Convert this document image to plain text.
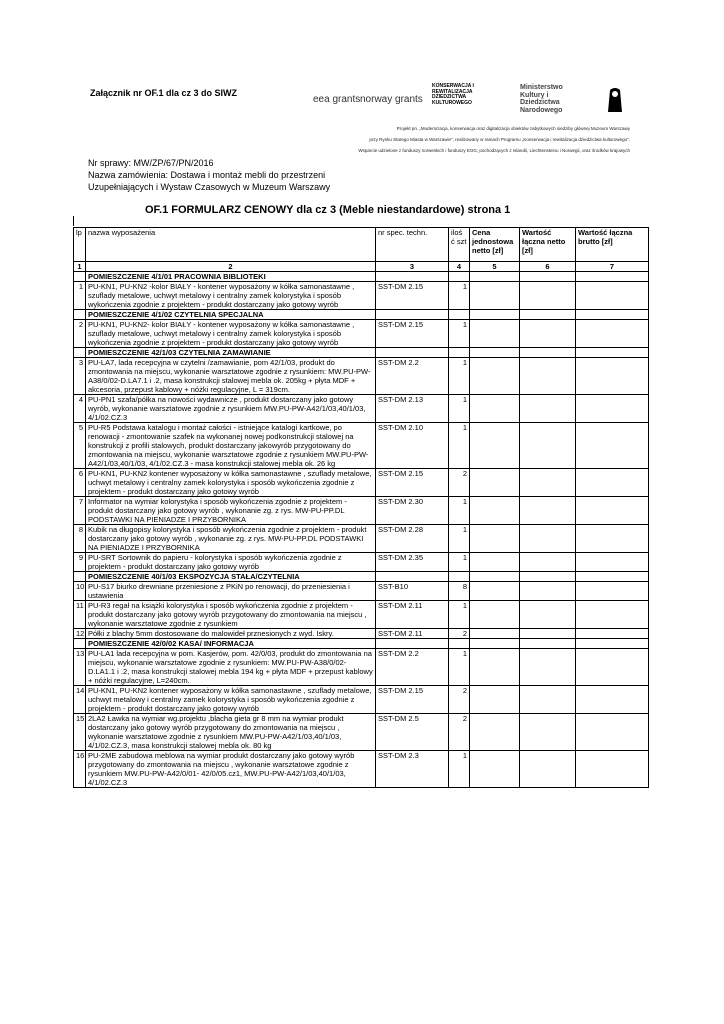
Załącznik nr OF.1 dla cz 3 do SIWZ
eea grants norway grants
KONSERWACJA I REWITALIZACJA DZIEDZICTWA KULTUROWEGO
Ministerstwo Kultury i Dziedzictwa Narodowego
Projekt pn. „Modernizacja, konserwacja oraz digitalizacja obiektów zabytkowych siedziby głównej Muzeum Warszawy
przy Rynku Starego Miasta w Warszawie", realizowany w ramach Programu „Konserwacja i rewitalizacja dziedzictwa kulturowego".
Wsparcie udzielone z funduszy norweskich i funduszy EOG, pochodzących z Islandii, Liechtensteinu i Norwegii, oraz środków krajowych
Nr sprawy: MW/ZP/67/PN/2016
Nazwa zamówienia: Dostawa i montaż mebli do przestrzeni
Uzupełniających i Wystaw Czasowych w Muzeum Warszawy
OF.1 FORMULARZ CENOWY dla cz 3 (Meble niestandardowe) strona 1
lp	nazwa wyposażenia	nr spec. techn.	iloś ć szt	Cena jednostowa netto [zł]	Wartość łączna netto [zł]	Wartość łączna brutto [zł]
1	2	3	4	5	6	7
	POMIESZCZENIE 4/1/01 PRACOWNIA BIBLIOTEKI					
1	PU-KN1, PU-KN2 -kolor BIAŁY - kontener wyposażony w kółka samonastawne , szuflady metalowe, uchwyt metalowy i centralny zamek kolorystyka i sposób wykończenia zgodnie z projektem - produkt dostarczany jako gotowy wyrób	SST-DM 2.15	1			
	POMIESZCZENIE 4/1/02 CZYTELNIA SPECJALNA					
2	PU-KN1, PU-KN2- kolor BIAŁY - kontener wyposażony w kółka samonastawne , szuflady metalowe, uchwyt metalowy i centralny zamek kolorystyka i sposób wykończenia zgodnie z projektem - produkt dostarczany jako gotowy wyrób	SST-DM 2.15	1			
	POMIESZCZENIE 42/1/03 CZYTELNIA ZAMAWIANIE					
3	PU-LA7, lada recepcyjna w czytelni /zamawianie, pom 42/1/03, produkt do zmontowania na miejscu, wykonanie warsztatowe zgodnie z rysunkiem: MW.PU-PW-A38/0/02-D.LA7.1 i .2, masa konstrukcji stalowej mebla ok. 205kg + płyta MDF + akcesoria, przepust kablowy + nóżki regulacyjne, L = 319cm.	SST-DM 2.2	1			
4	PU-PN1 szafa/półka na nowości wydawnicze , produkt dostarczany jako gotowy wyrób, wykonanie warsztatowe zgodnie z rysunkiem MW.PU-PW-A42/1/03,40/1/03, 4/1/02.CZ.3	SST-DM 2.13	1			
5	PU-R5 Podstawa katalogu i montaż całości - istniejące katalogi kartkowe, po renowacji - zmontowanie szafek na wykonanej nowej podkonstrukcji stalowej na konstrukcji z profili stalowych, produkt dostarczany jakowyrób przygotowany do zmontowania na miejscu, wykonanie warsztatowe zgodnie z rysunkiem MW.PU-PW-A42/1/03,40/1/03, 4/1/02.CZ.3 - masa konstrukcji stalowej mebla ok. 26 kg	SST-DM 2.10	1			
6	PU-KN1, PU-KN2 kontener wyposażony w kółka samonastawne , szuflady metalowe, uchwyt metalowy i centralny zamek kolorystyka i sposób wykończenia zgodnie z projektem - produkt dostarczany jako gotowy wyrób	SST-DM 2.15	2			
7	Informator na wymiar kolorystyka i sposób wykończenia zgodnie z projektem - produkt dostarczany jako gotowy wyrób , wykonanie zg. z rys. MW-PU-PP.DL PODSTAWKI NA PIENIADZE I PRZYBORNIKA	SST-DM 2.30	1			
8	Kubik na długopisy kolorystyka i sposób wykończenia zgodnie z projektem - produkt dostarczany jako gotowy wyrób , wykonanie zg. z rys. MW-PU-PP.DL PODSTAWKI NA PIENIADZE I PRZYBORNIKA	SST-DM 2.28	1			
9	PU-SRT Sortownik do papieru - kolorystyka i sposób wykończenia zgodnie z projektem - produkt dostarczany jako gotowy wyrób	SST-DM 2.35	1			
	POMIESZCZENIE 40/1/03 EKSPOZYCJA STAŁA/CZYTELNIA					
10	PU-S17 biurko drewniane przeniesione z PKiN po renowacji, do przeniesienia i ustawienia	SST-B10	8			
11	PU-R3 regał na książki kolorystyka i sposób wykończenia zgodnie z projektem - produkt dostarczany jako gotowy wyrób przygotowany do zmontowania na miejscu , wykonanie warsztatowe zgodnie z rysunkiem	SST-DM 2.11	1			
12	Półki z blachy 5mm dostosowane do malowideł prznesionych z wyd. Iskry.	SST-DM 2.11	2			
	POMIESZCZENIE 42/0/02 KASA/ INFORMACJA					
13	PU-LA1 lada recepcyjna w pom. Kasjerów, pom. 42/0/03, produkt do zmontowania na miejscu, wykonanie warsztatowe zgodnie z rysunkiem: MW.PU-PW-A38/0/02-D.LA1.1 i .2, masa konstrukcji stalowej mebla 194 kg + płyta MDF + przepust kablowy + nóżki regulacyjne, L=240cm.	SST-DM 2.2	1			
14	PU-KN1, PU-KN2 kontener wyposażony w kółka samonastawne , szuflady metalowe, uchwyt metalowy i centralny zamek kolorystyka i sposób wykończenia zgodnie z projektem - produkt dostarczany jako gotowy wyrób	SST-DM 2.15	2			
15	2LA2 Ławka na wymiar wg.projektu ,blacha gieta gr 8 mm na wymiar produkt dostarczany jako gotowy wyrób przygotowany do zmontowania na miejscu , wykonanie warsztatowe zgodnie z rysunkiem MW.PU-PW-A42/1/03,40/1/03, 4/1/02.CZ.3, masa konstrukcji stalowej mebla ok. 80 kg	SST-DM 2.5	2			
16	PU-2ME zabudowa meblowa na wymiar produkt dostarczany jako gotowy wyrób przygotowany do zmontowania na miejscu , wykonanie warsztatowe zgodnie z rysunkiem MW.PU-PW-A42/0/01- 42/0/05.cz1, MW.PU-PW-A42/1/03,40/1/03, 4/1/02.CZ.3	SST-DM 2.3	1			
